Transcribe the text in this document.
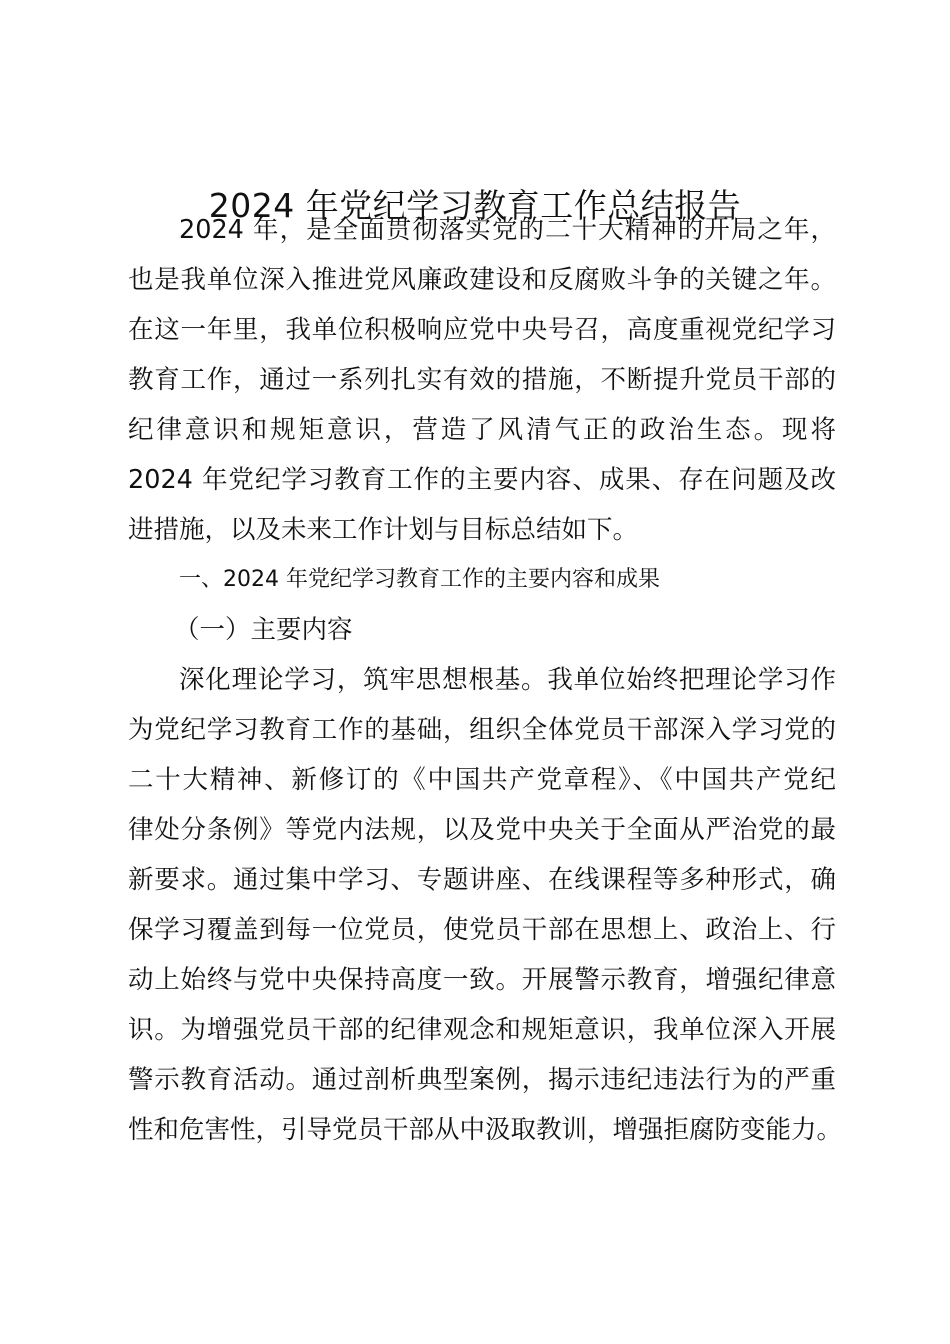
2024 年党纪学习教育工作总结报告
2024 年，是全面贯彻落实党的二十大精神的开局之年，
也是我单位深入推进党风廉政建设和反腐败斗争的关键之年。
在这一年里，我单位积极响应党中央号召，高度重视党纪学习
教育工作，通过一系列扎实有效的措施，不断提升党员干部的
纪律意识和规矩意识，营造了风清气正的政治生态。现将
2024 年党纪学习教育工作的主要内容、成果、存在问题及改
进措施，以及未来工作计划与目标总结如下。
一、2024 年党纪学习教育工作的主要内容和成果
（一）主要内容
深化理论学习，筑牢思想根基。我单位始终把理论学习作
为党纪学习教育工作的基础，组织全体党员干部深入学习党的
二十大精神、新修订的《中国共产党章程》、《中国共产党纪
律处分条例》等党内法规，以及党中央关于全面从严治党的最
新要求。通过集中学习、专题讲座、在线课程等多种形式，确
保学习覆盖到每一位党员，使党员干部在思想上、政治上、行
动上始终与党中央保持高度一致。开展警示教育，增强纪律意
识。为增强党员干部的纪律观念和规矩意识，我单位深入开展
警示教育活动。通过剖析典型案例，揭示违纪违法行为的严重
性和危害性，引导党员干部从中汲取教训，增强拒腐防变能力。
